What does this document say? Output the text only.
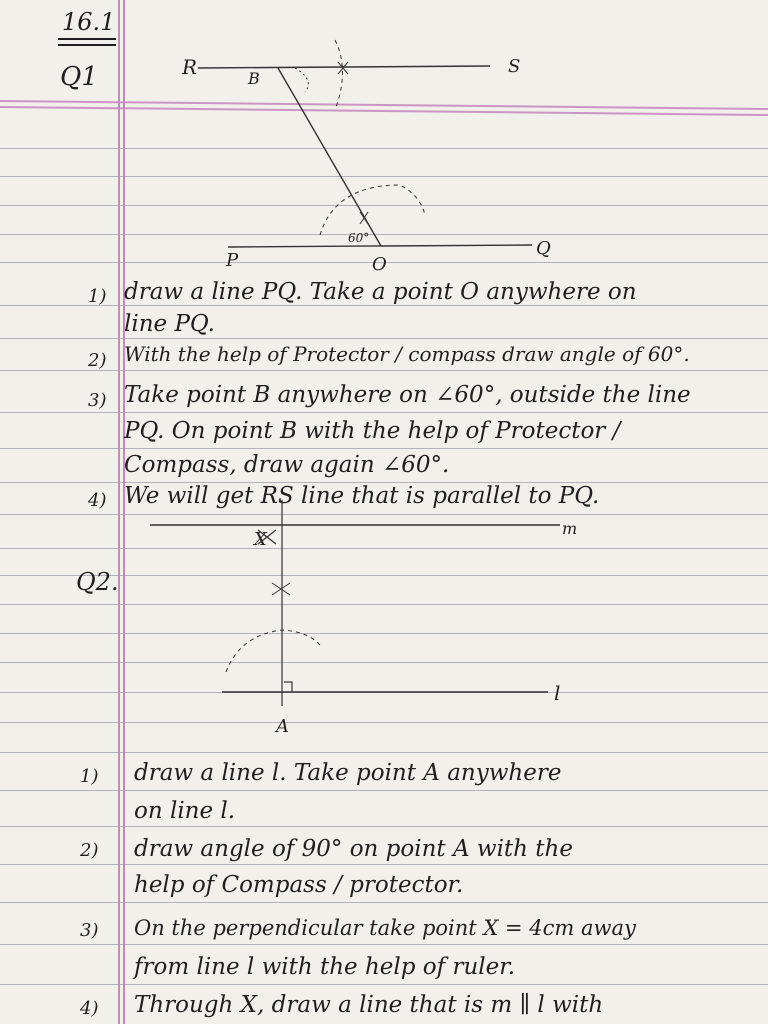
16.1
Q1
Q2.
R	S
B
P
Q
O
60°
1) draw a line PQ. Take a point O anywhere on
line PQ.
2) With the help of Protector / compass draw angle of 60°.
3) Take point B anywhere on ∠60°, outside the line
PQ. On point B with the help of Protector /
Compass, draw again ∠60°.
4) We will get RS line that is parallel to PQ.
A
l
m
X
1) draw a line l. Take point A anywhere
on line l.
2) draw angle of 90° on point A with the
help of Compass / protector.
3) On the perpendicular take point X = 4cm away
from line l with the help of ruler.
4) Through X, draw a line that is m ∥ l with
